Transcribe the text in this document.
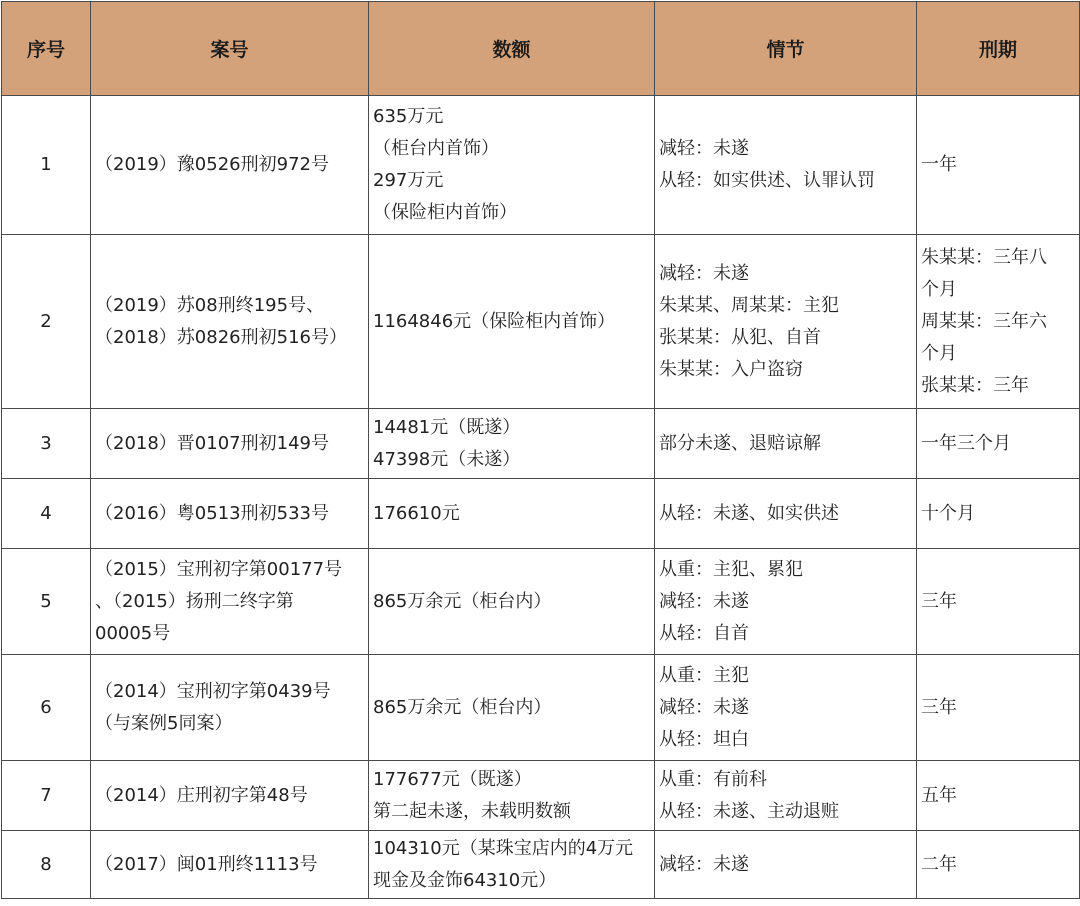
序号	案号	数额	情节	刑期
1	（2019）豫0526刑初972号	635万元
（柜台内首饰）
297万元
（保险柜内首饰）	减轻：未遂
从轻：如实供述、认罪认罚	一年

2	（2019）苏08刑终195号、
（2018）苏0826刑初516号）	1164846元（保险柜内首饰）	减轻：未遂
朱某某、周某某：主犯
张某某：从犯、自首
朱某某：入户盗窃	朱某某：三年八
个月
周某某：三年六
个月
张某某：三年

3	（2018）晋0107刑初149号	14481元（既遂）
47398元（未遂）	部分未遂、退赔谅解	一年三个月

4	（2016）粤0513刑初533号	176610元	从轻：未遂、如实供述	十个月

5	（2015）宝刑初字第00177号
、（2015）扬刑二终字第
00005号	865万余元（柜台内）	从重：主犯、累犯
减轻：未遂
从轻：自首	三年

6	（2014）宝刑初字第0439号
（与案例5同案）	865万余元（柜台内）	从重：主犯
减轻：未遂
从轻：坦白	三年

7	（2014）庄刑初字第48号	177677元（既遂）
第二起未遂，未载明数额	从重：有前科
从轻：未遂、主动退赃	五年

8	（2017）闽01刑终1113号	104310元（某珠宝店内的4万元
现金及金饰64310元）	减轻：未遂	二年
